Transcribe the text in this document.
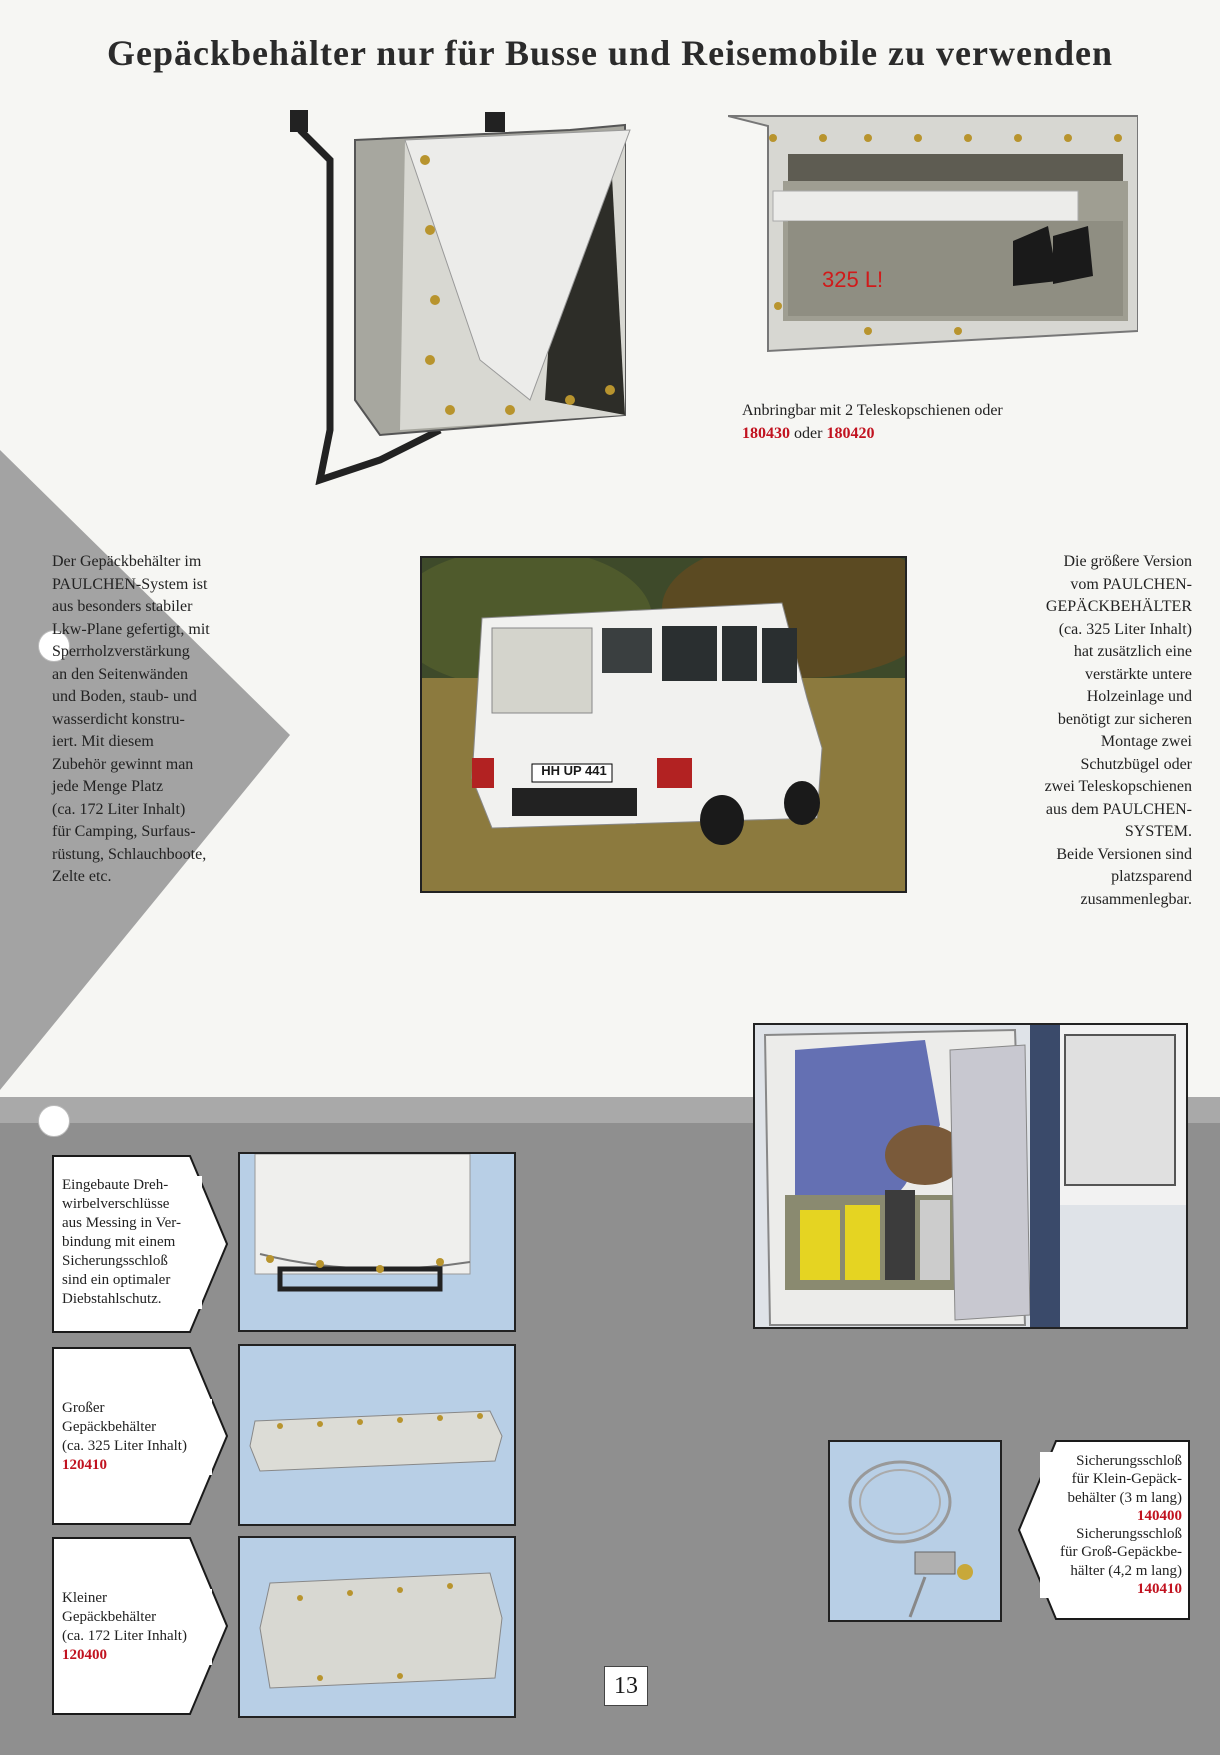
Gepäckbehälter nur für Busse und Reisemobile zu verwenden
325 L!
Anbringbar mit 2 Teleskopschienen oder
180430 oder 180420
Der Gepäckbehälter im
PAULCHEN-System ist
aus besonders stabiler
Lkw-Plane gefertigt, mit
Sperrholzverstärkung
an den Seitenwänden
und Boden, staub- und
wasserdicht konstru-
iert. Mit diesem
Zubehör gewinnt man
jede Menge Platz
(ca. 172 Liter Inhalt)
für Camping, Surfaus-
rüstung, Schlauchboote,
Zelte etc.
HH UP 441
Die größere Version
vom PAULCHEN-
GEPÄCKBEHÄLTER
(ca. 325 Liter Inhalt)
hat zusätzlich eine
verstärkte untere
Holzeinlage und
benötigt zur sicheren
Montage zwei
Schutzbügel oder
zwei Teleskopschienen
aus dem PAULCHEN-
SYSTEM.
Beide Versionen sind
platzsparend
zusammenlegbar.
Eingebaute Dreh-
wirbelverschlüsse
aus Messing in Ver-
bindung mit einem
Sicherungsschloß
sind ein optimaler
Diebstahlschutz.
Großer
Gepäckbehälter
(ca. 325 Liter Inhalt)
120410
Kleiner
Gepäckbehälter
(ca. 172 Liter Inhalt)
120400
Sicherungsschloß
für Klein-Gepäck-
behälter (3 m lang)
140400
Sicherungsschloß
für Groß-Gepäckbe-
hälter (4,2 m lang)
140410
13
